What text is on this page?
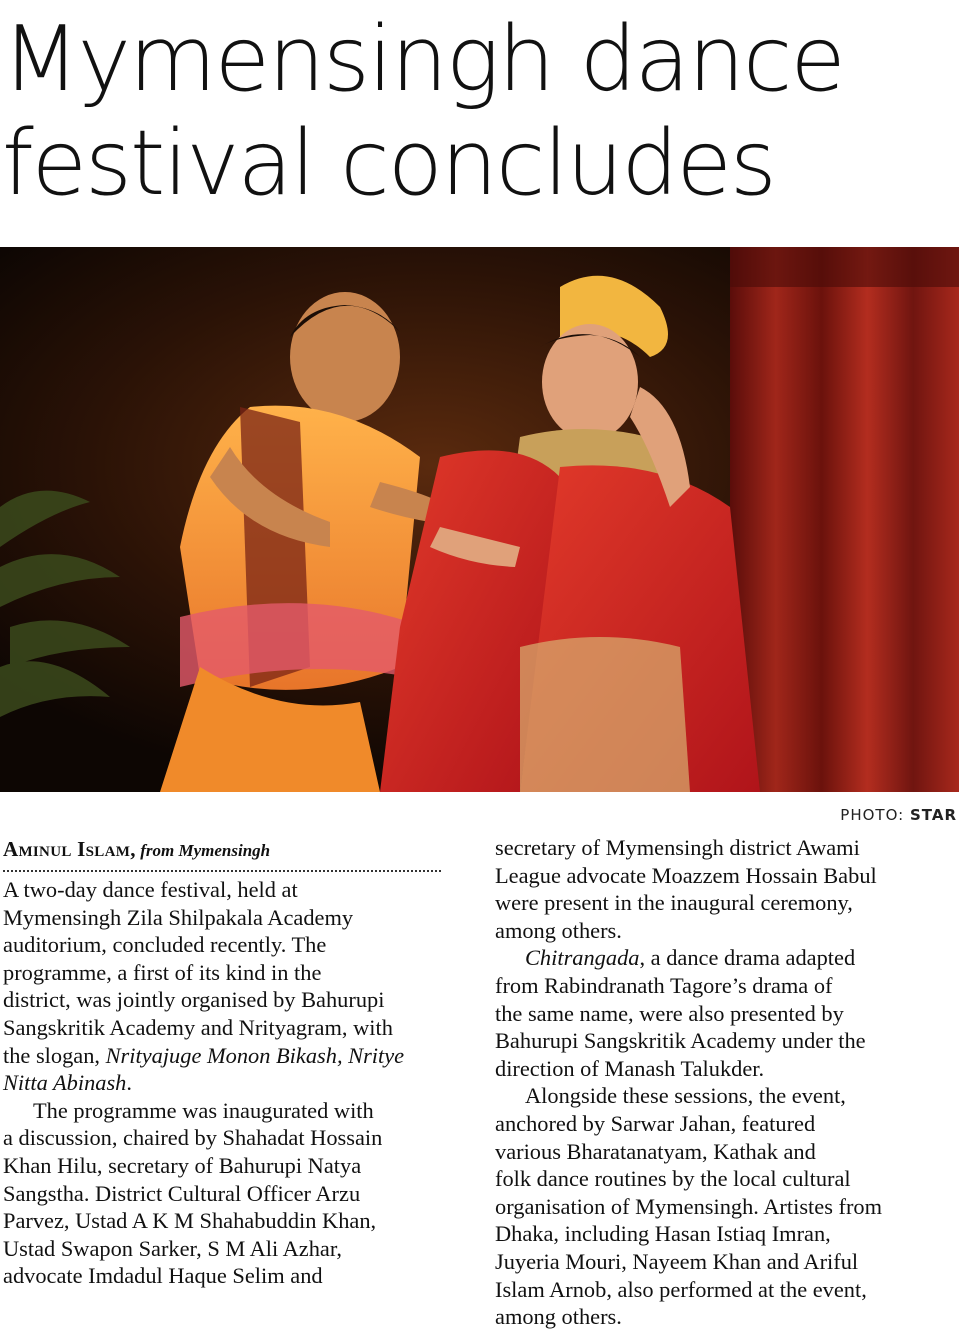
Mymensingh dance
festival concludes
PHOTO: STAR
Aminul Islam, from Mymensingh

A two-day dance festival, held at
Mymensingh Zila Shilpakala Academy
auditorium, concluded recently. The
programme, a first of its kind in the
district, was jointly organised by Bahurupi
Sangskritik Academy and Nrityagram, with
the slogan, Nrityajuge Monon Bikash, Nritye
Nitta Abinash.

The programme was inaugurated with
a discussion, chaired by Shahadat Hossain
Khan Hilu, secretary of Bahurupi Natya
Sangstha. District Cultural Officer Arzu
Parvez, Ustad A K M Shahabuddin Khan,
Ustad Swapon Sarker, S M Ali Azhar,
advocate Imdadul Haque Selim and

secretary of Mymensingh district Awami
League advocate Moazzem Hossain Babul
were present in the inaugural ceremony,
among others.

Chitrangada, a dance drama adapted
from Rabindranath Tagore’s drama of
the same name, were also presented by
Bahurupi Sangskritik Academy under the
direction of Manash Talukder.

Alongside these sessions, the event,
anchored by Sarwar Jahan, featured
various Bharatanatyam, Kathak and
folk dance routines by the local cultural
organisation of Mymensingh. Artistes from
Dhaka, including Hasan Istiaq Imran,
Juyeria Mouri, Nayeem Khan and Ariful
Islam Arnob, also performed at the event,
among others.
